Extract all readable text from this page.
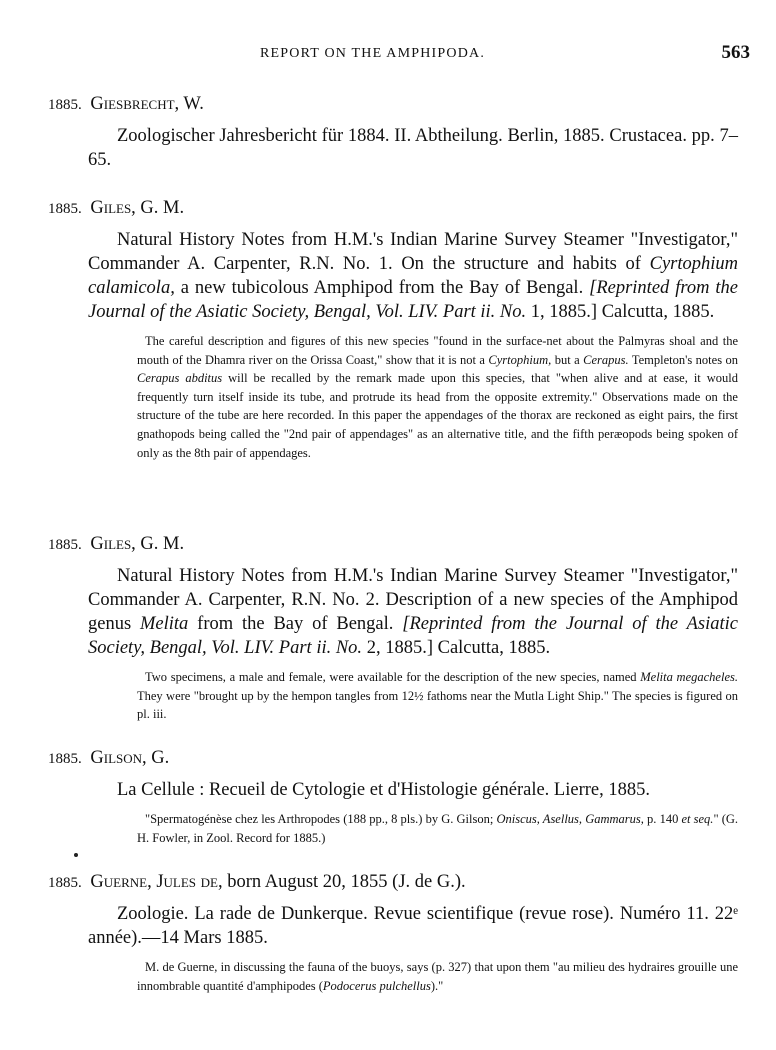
REPORT ON THE AMPHIPODA.	563
1885. Giesbrecht, W.
Zoologischer Jahresbericht für 1884. II. Abtheilung. Berlin, 1885. Crustacea. pp. 7–65.
1885. Giles, G. M.
Natural History Notes from H.M.'s Indian Marine Survey Steamer "Investigator," Commander A. Carpenter, R.N. No. 1. On the structure and habits of Cyrtophium calamicola, a new tubicolous Amphipod from the Bay of Bengal. [Reprinted from the Journal of the Asiatic Society, Bengal, Vol. LIV. Part ii. No. 1, 1885.] Calcutta, 1885.
The careful description and figures of this new species "found in the surface-net about the Palmyras shoal and the mouth of the Dhamra river on the Orissa Coast," show that it is not a Cyrtophium, but a Cerapus. Templeton's notes on Cerapus abditus will be recalled by the remark made upon this species, that "when alive and at ease, it would frequently turn itself inside its tube, and protrude its head from the opposite extremity." Observations made on the structure of the tube are here recorded. In this paper the appendages of the thorax are reckoned as eight pairs, the first gnathopods being called the "2nd pair of appendages" as an alternative title, and the fifth peræopods being spoken of only as the 8th pair of appendages.
1885. Giles, G. M.
Natural History Notes from H.M.'s Indian Marine Survey Steamer "Investigator," Commander A. Carpenter, R.N. No. 2. Description of a new species of the Amphipod genus Melita from the Bay of Bengal. [Reprinted from the Journal of the Asiatic Society, Bengal, Vol. LIV. Part ii. No. 2, 1885.] Calcutta, 1885.
Two specimens, a male and female, were available for the description of the new species, named Melita megacheles. They were "brought up by the hempon tangles from 12½ fathoms near the Mutla Light Ship." The species is figured on pl. iii.
1885. Gilson, G.
La Cellule : Recueil de Cytologie et d'Histologie générale. Lierre, 1885.
"Spermatogénèse chez les Arthropodes (188 pp., 8 pls.) by G. Gilson; Oniscus, Asellus, Gammarus, p. 140 et seq." (G. H. Fowler, in Zool. Record for 1885.)
1885. Guerne, Jules de, born August 20, 1855 (J. de G.).
Zoologie. La rade de Dunkerque. Revue scientifique (revue rose). Numéro 11. 22ᵉ année).—14 Mars 1885.
M. de Guerne, in discussing the fauna of the buoys, says (p. 327) that upon them "au milieu des hydraires grouille une innombrable quantité d'amphipodes (Podocerus pulchellus)."
